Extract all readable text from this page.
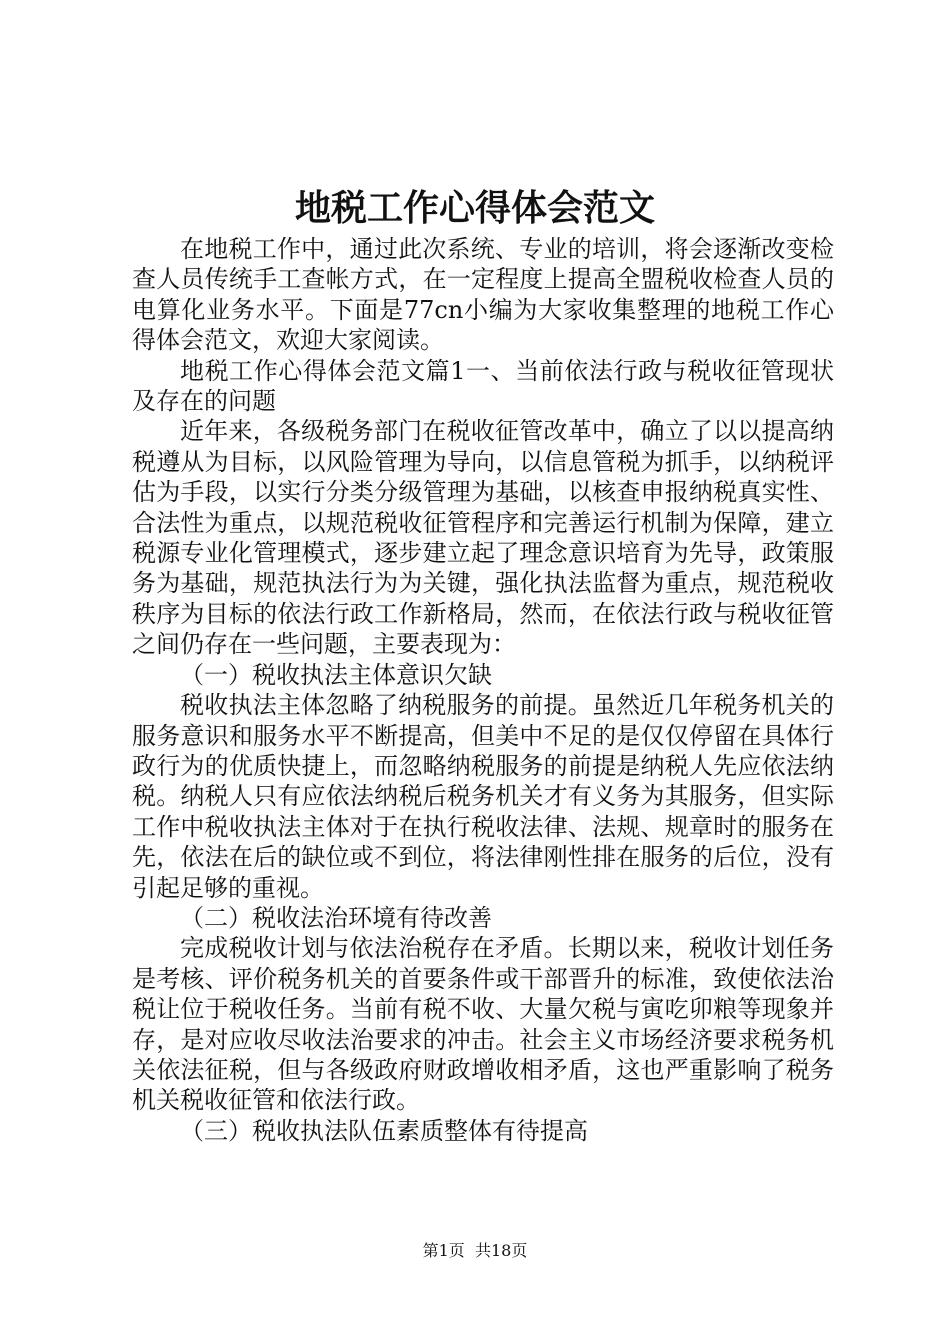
地税工作心得体会范文

在地税工作中，通过此次系统、专业的培训，将会逐渐改变检查人员传统手工查帐方式，在一定程度上提高全盟税收检查人员的电算化业务水平。下面是77cn小编为大家收集整理的地税工作心得体会范文，欢迎大家阅读。

地税工作心得体会范文篇1一、当前依法行政与税收征管现状及存在的问题

近年来，各级税务部门在税收征管改革中，确立了以以提高纳税遵从为目标，以风险管理为导向，以信息管税为抓手，以纳税评估为手段，以实行分类分级管理为基础，以核查申报纳税真实性、合法性为重点，以规范税收征管程序和完善运行机制为保障，建立税源专业化管理模式，逐步建立起了理念意识培育为先导，政策服务为基础，规范执法行为为关键，强化执法监督为重点，规范税收秩序为目标的依法行政工作新格局，然而，在依法行政与税收征管之间仍存在一些问题，主要表现为：

（一）税收执法主体意识欠缺

税收执法主体忽略了纳税服务的前提。虽然近几年税务机关的服务意识和服务水平不断提高，但美中不足的是仅仅停留在具体行政行为的优质快捷上，而忽略纳税服务的前提是纳税人先应依法纳税。纳税人只有应依法纳税后税务机关才有义务为其服务，但实际工作中税收执法主体对于在执行税收法律、法规、规章时的服务在先，依法在后的缺位或不到位，将法律刚性排在服务的后位，没有引起足够的重视。

（二）税收法治环境有待改善

完成税收计划与依法治税存在矛盾。长期以来，税收计划任务是考核、评价税务机关的首要条件或干部晋升的标准，致使依法治税让位于税收任务。当前有税不收、大量欠税与寅吃卯粮等现象并存，是对应收尽收法治要求的冲击。社会主义市场经济要求税务机关依法征税，但与各级政府财政增收相矛盾，这也严重影响了税务机关税收征管和依法行政。

（三）税收执法队伍素质整体有待提高

第1页 共18页
